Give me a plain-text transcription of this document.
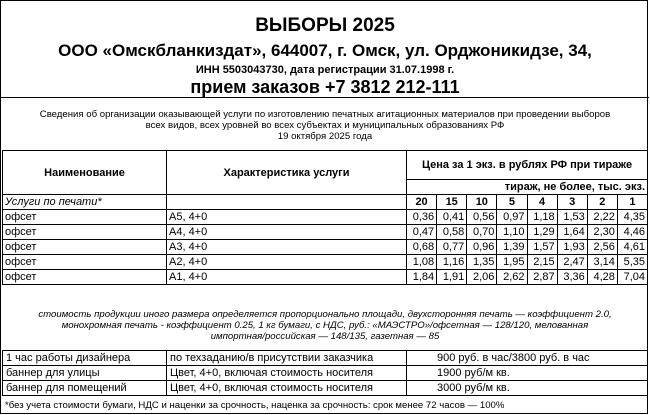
ВЫБОРЫ 2025
ООО «Омскбланкиздат», 644007, г. Омск, ул. Орджоникидзе, 34,
ИНН 5503043730, дата регистрации 31.07.1998 г.
прием заказов +7 3812 212-111
Сведения об организации оказывающей услуги по изготовлению печатных агитационных материалов при проведении выборов
всех видов, всех уровней во всех субъектах и муниципальных образованиях РФ
19 октября 2025 года
Наименование	Характеристика услуги	Цена за 1 экз. в рублях РФ при тираже							
		тираж, не более, тыс. экз.							
Услуги по печати*		20	15	10	5	4	3	2	1
офсет	А5, 4+0	0,36	0,41	0,56	0,97	1,18	1,53	2,22	4,35
офсет	А4, 4+0	0,47	0,58	0,70	1,10	1,29	1,64	2,30	4,46
офсет	А3, 4+0	0,68	0,77	0,96	1,39	1,57	1,93	2,56	4,61
офсет	А2, 4+0	1,08	1,16	1,35	1,95	2,15	2,47	3,14	5,35
офсет	А1, 4+0	1,84	1,91	2,06	2,62	2,87	3,36	4,28	7,04
стоимость продукции иного размера определяется пропорционально площади, двухсторонняя печать — коэффициент 2.0,
монохромная печать - коэффициент 0.25, 1 кг бумаги, с НДС, руб.: «МАЭСТРО»/офсетная — 128/120, мелованная
импортная/российская — 148/135, газетная — 85
1 час работы дизайнера	по техзаданию/в присутствии заказчика	900 руб. в час/3800 руб. в час
баннер для улицы	Цвет, 4+0, включая стоимость носителя	1900 руб/м кв.
баннер для помещений	Цвет, 4+0, включая стоимость носителя	3000 руб/м кв.
*без учета стоимости бумаги, НДС и наценки за срочность, наценка за срочность: срок менее 72 часов — 100%
